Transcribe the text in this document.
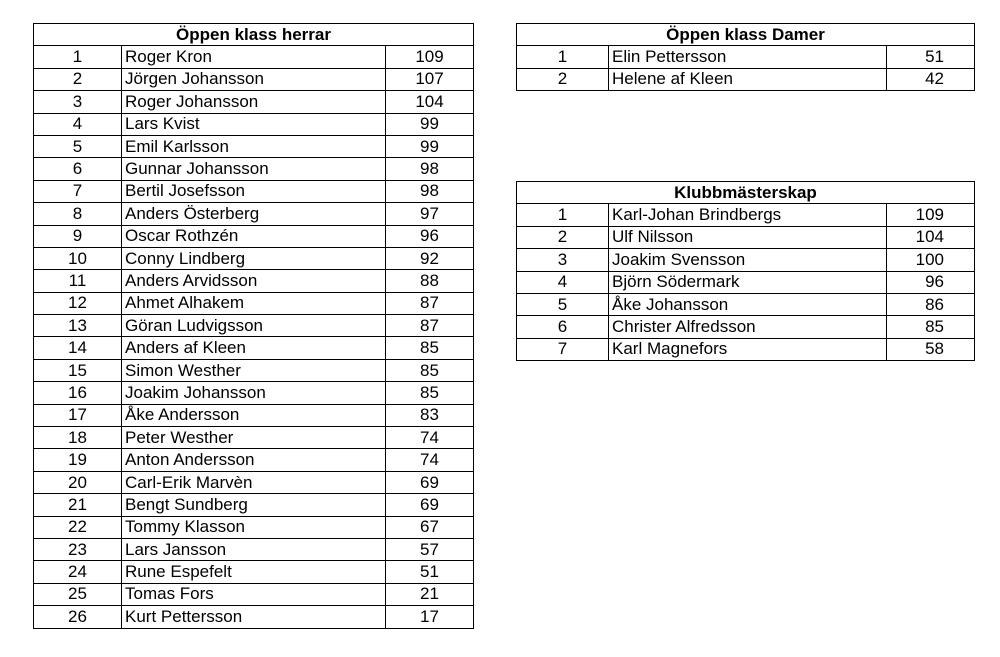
Öppen klass herrar		
1	Roger Kron	109
2	Jörgen Johansson	107
3	Roger Johansson	104
4	Lars Kvist	99
5	Emil Karlsson	99
6	Gunnar Johansson	98
7	Bertil Josefsson	98
8	Anders Österberg	97
9	Oscar Rothzén	96
10	Conny Lindberg	92
11	Anders Arvidsson	88
12	Ahmet Alhakem	87
13	Göran Ludvigsson	87
14	Anders af Kleen	85
15	Simon Westher	85
16	Joakim Johansson	85
17	Åke Andersson	83
18	Peter Westher	74
19	Anton Andersson	74
20	Carl-Erik Marvèn	69
21	Bengt Sundberg	69
22	Tommy Klasson	67
23	Lars Jansson	57
24	Rune Espefelt	51
25	Tomas Fors	21
26	Kurt Pettersson	17
Öppen klass Damer		
1	Elin Pettersson	51
2	Helene af Kleen	42
Klubbmästerskap		
1	Karl-Johan Brindbergs	109
2	Ulf Nilsson	104
3	Joakim Svensson	100
4	Björn Södermark	96
5	Åke Johansson	86
6	Christer Alfredsson	85
7	Karl Magnefors	58
